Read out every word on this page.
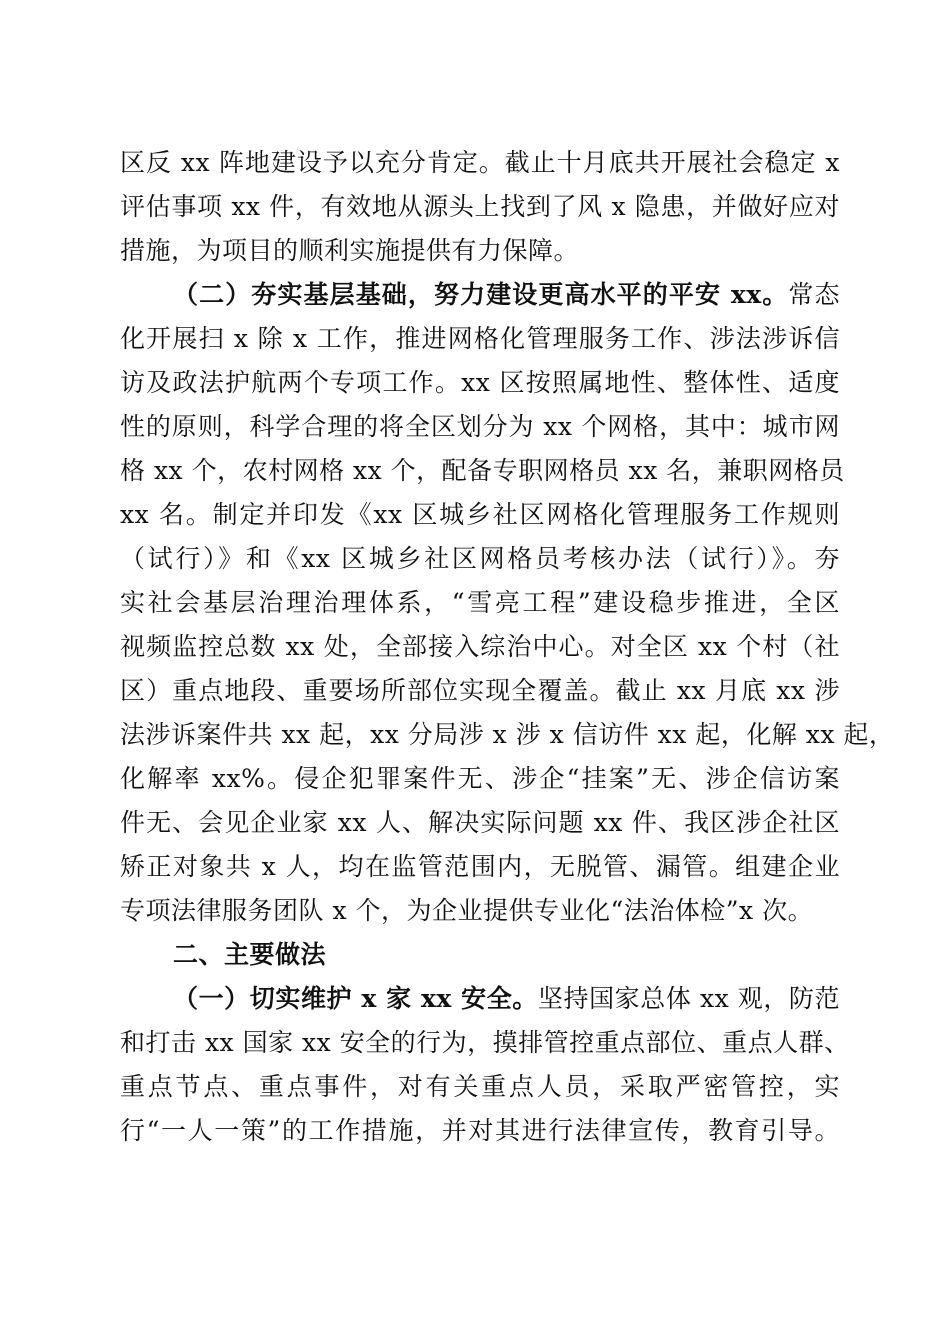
区反 xx 阵地建设予以充分肯定。截止十月底共开展社会稳定 x
评估事项 xx 件，有效地从源头上找到了风 x 隐患，并做好应对
措施，为项目的顺利实施提供有力保障。
（二）夯实基层基础，努力建设更高水平的平安 xx。常态
化开展扫 x 除 x 工作，推进网格化管理服务工作、涉法涉诉信
访及政法护航两个专项工作。xx 区按照属地性、整体性、适度
性的原则，科学合理的将全区划分为 xx 个网格，其中：城市网
格 xx 个，农村网格 xx 个，配备专职网格员 xx 名，兼职网格员
xx 名。制定并印发《xx 区城乡社区网格化管理服务工作规则
（试行）》和《xx 区城乡社区网格员考核办法（试行）》。夯
实社会基层治理治理体系，“雪亮工程”建设稳步推进，全区
视频监控总数 xx 处，全部接入综治中心。对全区 xx 个村（社
区）重点地段、重要场所部位实现全覆盖。截止 xx 月底 xx 涉
法涉诉案件共 xx 起，xx 分局涉 x 涉 x 信访件 xx 起，化解 xx 起，
化解率 xx%。侵企犯罪案件无、涉企“挂案”无、涉企信访案
件无、会见企业家 xx 人、解决实际问题 xx 件、我区涉企社区
矫正对象共 x 人，均在监管范围内，无脱管、漏管。组建企业
专项法律服务团队 x 个，为企业提供专业化“法治体检”x 次。
二、主要做法
（一）切实维护 x 家 xx 安全。坚持国家总体 xx 观，防范
和打击 xx 国家 xx 安全的行为，摸排管控重点部位、重点人群、
重点节点、重点事件，对有关重点人员，采取严密管控，实
行“一人一策”的工作措施，并对其进行法律宣传，教育引导。
